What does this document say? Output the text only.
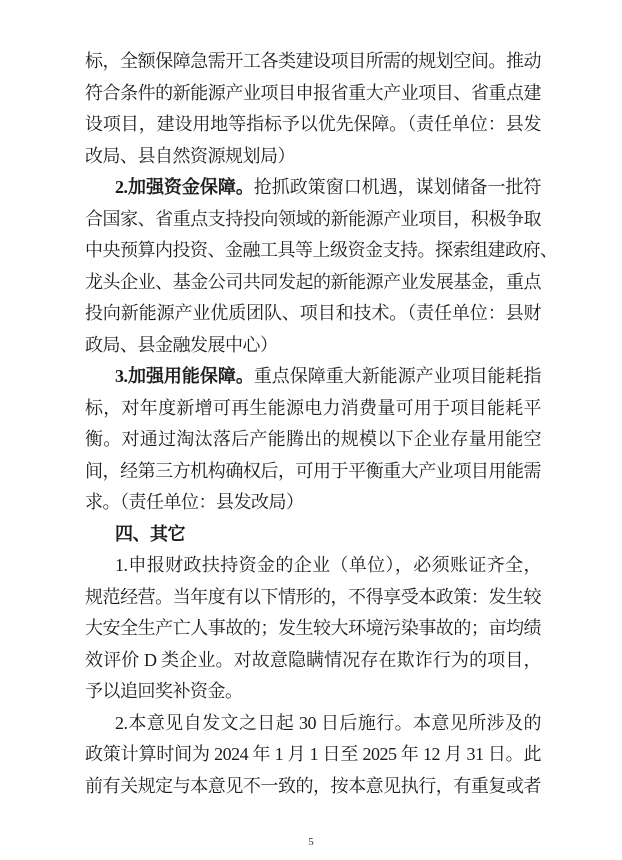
标，全额保障急需开工各类建设项目所需的规划空间。推动
符合条件的新能源产业项目申报省重大产业项目、省重点建
设项目，建设用地等指标予以优先保障。（责任单位：县发
改局、县自然资源规划局）
2.加强资金保障。抢抓政策窗口机遇，谋划储备一批符
合国家、省重点支持投向领域的新能源产业项目，积极争取
中央预算内投资、金融工具等上级资金支持。探索组建政府、
龙头企业、基金公司共同发起的新能源产业发展基金，重点
投向新能源产业优质团队、项目和技术。（责任单位：县财
政局、县金融发展中心）
3.加强用能保障。重点保障重大新能源产业项目能耗指
标，对年度新增可再生能源电力消费量可用于项目能耗平
衡。对通过淘汰落后产能腾出的规模以下企业存量用能空
间，经第三方机构确权后，可用于平衡重大产业项目用能需
求。（责任单位：县发改局）
四、其它
1.申报财政扶持资金的企业（单位），必须账证齐全，
规范经营。当年度有以下情形的，不得享受本政策：发生较
大安全生产亡人事故的；发生较大环境污染事故的；亩均绩
效评价 D 类企业。对故意隐瞒情况存在欺诈行为的项目，
予以追回奖补资金。
2.本意见自发文之日起 30 日后施行。本意见所涉及的
政策计算时间为 2024 年 1 月 1 日至 2025 年 12 月 31 日。此
前有关规定与本意见不一致的，按本意见执行，有重复或者
5
